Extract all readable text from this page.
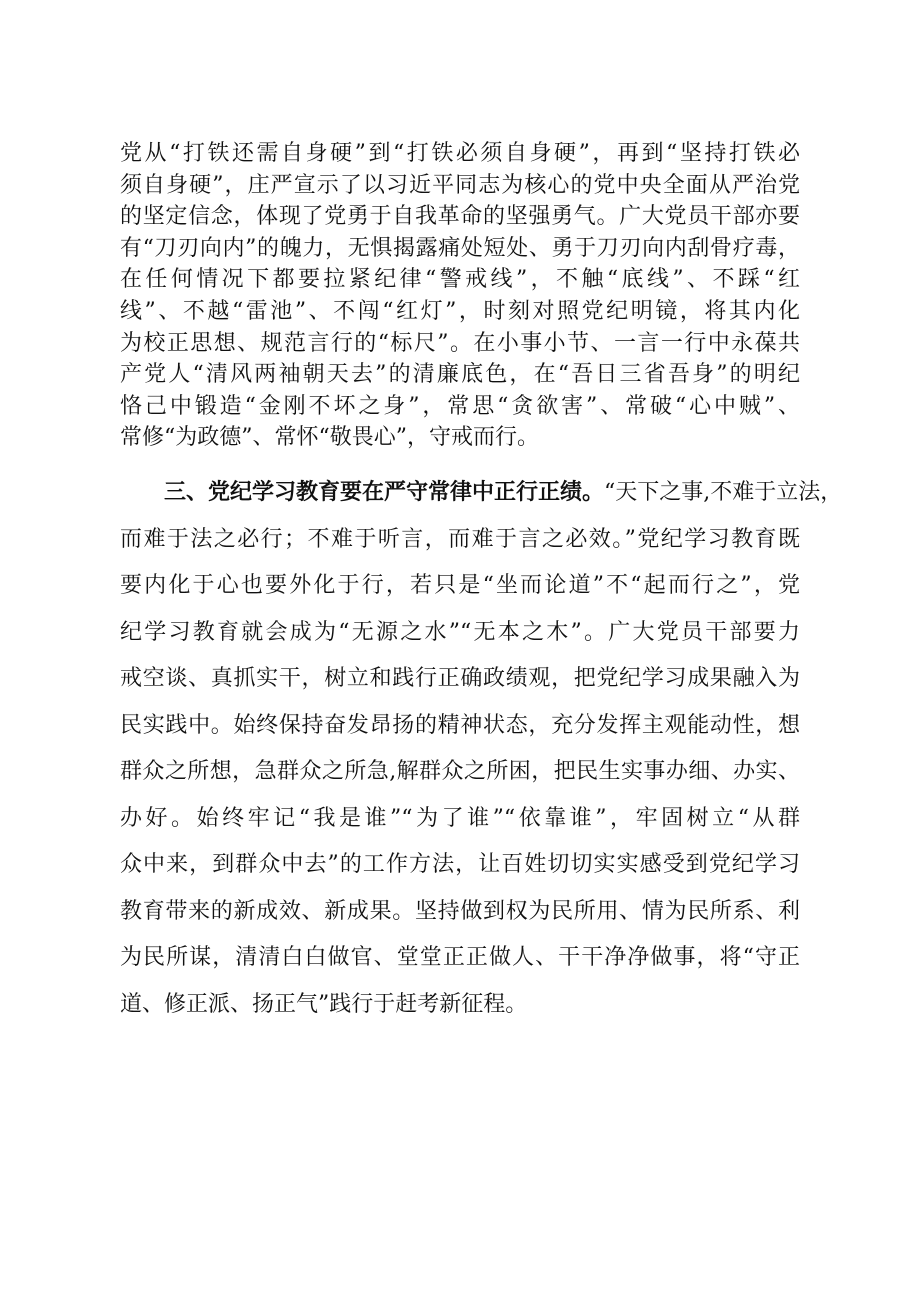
党从“打铁还需自身硬”到“打铁必须自身硬”，再到“坚持打铁必
须自身硬”，庄严宣示了以习近平同志为核心的党中央全面从严治党
的坚定信念，体现了党勇于自我革命的坚强勇气。广大党员干部亦要
有“刀刃向内”的魄力，无惧揭露痛处短处、勇于刀刃向内刮骨疗毒，
在任何情况下都要拉紧纪律“警戒线”，不触“底线”、不踩“红
线”、不越“雷池”、不闯“红灯”，时刻对照党纪明镜，将其内化
为校正思想、规范言行的“标尺”。在小事小节、一言一行中永葆共
产党人“清风两袖朝天去”的清廉底色，在“吾日三省吾身”的明纪
恪己中锻造“金刚不坏之身”，常思“贪欲害”、常破“心中贼”、
常修“为政德”、常怀“敬畏心”，守戒而行。
三、党纪学习教育要在严守常律中正行正绩。“天下之事,不难于立法，
而难于法之必行；不难于听言，而难于言之必效。”党纪学习教育既
要内化于心也要外化于行，若只是“坐而论道”不“起而行之”，党
纪学习教育就会成为“无源之水”“无本之木”。广大党员干部要力
戒空谈、真抓实干，树立和践行正确政绩观，把党纪学习成果融入为
民实践中。始终保持奋发昂扬的精神状态，充分发挥主观能动性，想
群众之所想，急群众之所急,解群众之所困，把民生实事办细、办实、
办好。始终牢记“我是谁”“为了谁”“依靠谁”，牢固树立“从群
众中来，到群众中去”的工作方法，让百姓切切实实感受到党纪学习
教育带来的新成效、新成果。坚持做到权为民所用、情为民所系、利
为民所谋，清清白白做官、堂堂正正做人、干干净净做事，将“守正
道、修正派、扬正气”践行于赶考新征程。
